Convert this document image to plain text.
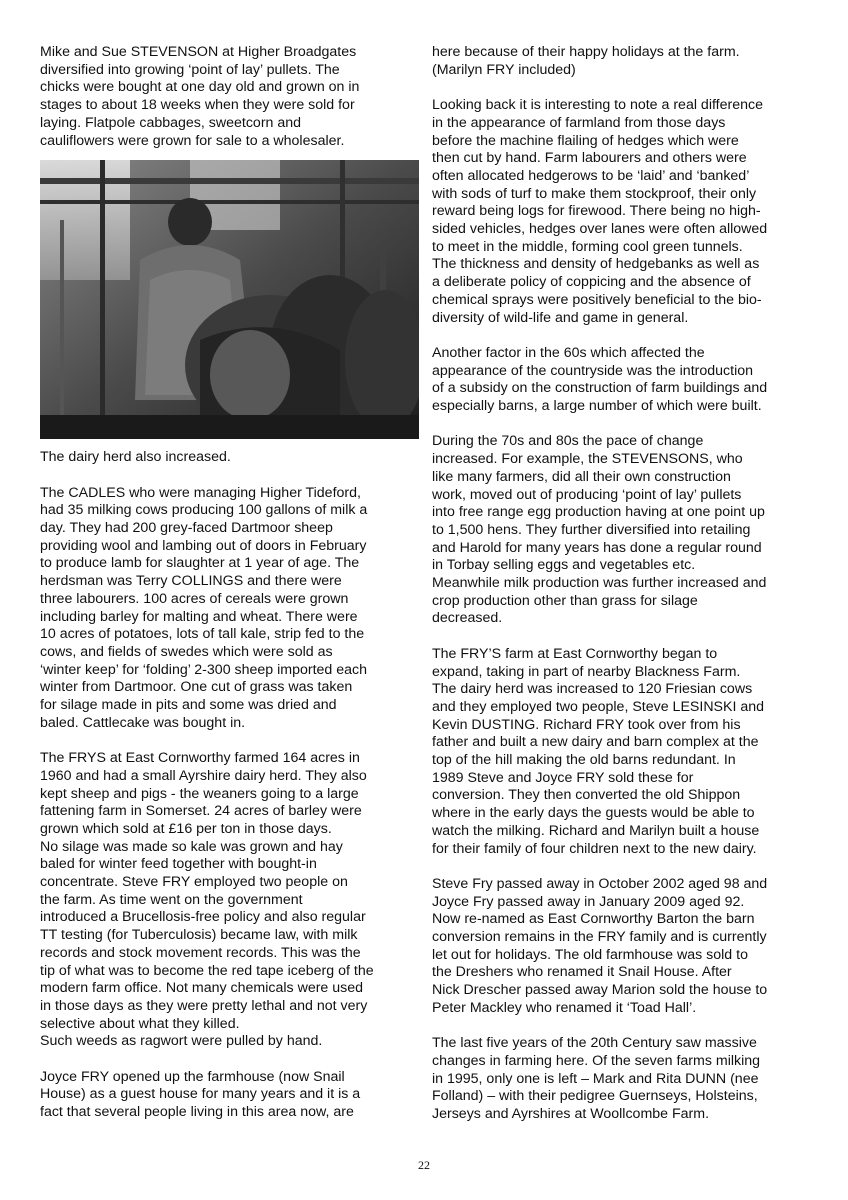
Mike and Sue STEVENSON at Higher Broadgates
diversified into growing ‘point of lay’ pullets. The
chicks were bought at one day old and grown on in
stages to about 18 weeks when they were sold for
laying. Flatpole cabbages, sweetcorn and
cauliflowers were grown for sale to a wholesaler.

The dairy herd also increased.

The CADLES who were managing Higher Tideford,
had 35 milking cows producing 100 gallons of milk a
day. They had 200 grey-faced Dartmoor sheep
providing wool and lambing out of doors in February
to produce lamb for slaughter at 1 year of age. The
herdsman was Terry COLLINGS and there were
three labourers. 100 acres of cereals were grown
including barley for malting and wheat. There were
10 acres of potatoes, lots of tall kale, strip fed to the
cows, and fields of swedes which were sold as
‘winter keep’ for ‘folding’ 2-300 sheep imported each
winter from Dartmoor. One cut of grass was taken
for silage made in pits and some was dried and
baled. Cattlecake was bought in.

The FRYS at East Cornworthy farmed 164 acres in
1960 and had a small Ayrshire dairy herd. They also
kept sheep and pigs - the weaners going to a large
fattening farm in Somerset. 24 acres of barley were
grown which sold at £16 per ton in those days.
No silage was made so kale was grown and hay
baled for winter feed together with bought-in
concentrate. Steve FRY employed two people on
the farm. As time went on the government
introduced a Brucellosis-free policy and also regular
TT testing (for Tuberculosis) became law, with milk
records and stock movement records. This was the
tip of what was to become the red tape iceberg of the
modern farm office. Not many chemicals were used
in those days as they were pretty lethal and not very
selective about what they killed.
Such weeds as ragwort were pulled by hand.

Joyce FRY opened up the farmhouse (now Snail
House) as a guest house for many years and it is a
fact that several people living in this area now, are

here because of their happy holidays at the farm.
(Marilyn FRY included)

Looking back it is interesting to note a real difference
in the appearance of farmland from those days
before the machine flailing of hedges which were
then cut by hand. Farm labourers and others were
often allocated hedgerows to be ‘laid’ and ‘banked’
with sods of turf to make them stockproof, their only
reward being logs for firewood. There being no high-
sided vehicles, hedges over lanes were often allowed
to meet in the middle, forming cool green tunnels.
The thickness and density of hedgebanks as well as
a deliberate policy of coppicing and the absence of
chemical sprays were positively beneficial to the bio-
diversity of wild-life and game in general.

Another factor in the 60s which affected the
appearance of the countryside was the introduction
of a subsidy on the construction of farm buildings and
especially barns, a large number of which were built.

During the 70s and 80s the pace of change
increased. For example, the STEVENSONS, who
like many farmers, did all their own construction
work, moved out of producing ‘point of lay’ pullets
into free range egg production having at one point up
to 1,500 hens. They further diversified into retailing
and Harold for many years has done a regular round
in Torbay selling eggs and vegetables etc.
Meanwhile milk production was further increased and
crop production other than grass for silage
decreased.

The FRY’S farm at East Cornworthy began to
expand, taking in part of nearby Blackness Farm.
The dairy herd was increased to 120 Friesian cows
and they employed two people, Steve LESINSKI and
Kevin DUSTING. Richard FRY took over from his
father and built a new dairy and barn complex at the
top of the hill making the old barns redundant. In
1989 Steve and Joyce FRY sold these for
conversion. They then converted the old Shippon
where in the early days the guests would be able to
watch the milking. Richard and Marilyn built a house
for their family of four children next to the new dairy.

Steve Fry passed away in October 2002 aged 98 and
Joyce Fry passed away in January 2009 aged 92.
Now re-named as East Cornworthy Barton the barn
conversion remains in the FRY family and is currently
let out for holidays. The old farmhouse was sold to
the Dreshers who renamed it Snail House. After
Nick Drescher passed away Marion sold the house to
Peter Mackley who renamed it ‘Toad Hall’.

The last five years of the 20th Century saw massive
changes in farming here. Of the seven farms milking
in 1995, only one is left – Mark and Rita DUNN (nee
Folland) – with their pedigree Guernseys, Holsteins,
Jerseys and Ayrshires at Woollcombe Farm.

22
